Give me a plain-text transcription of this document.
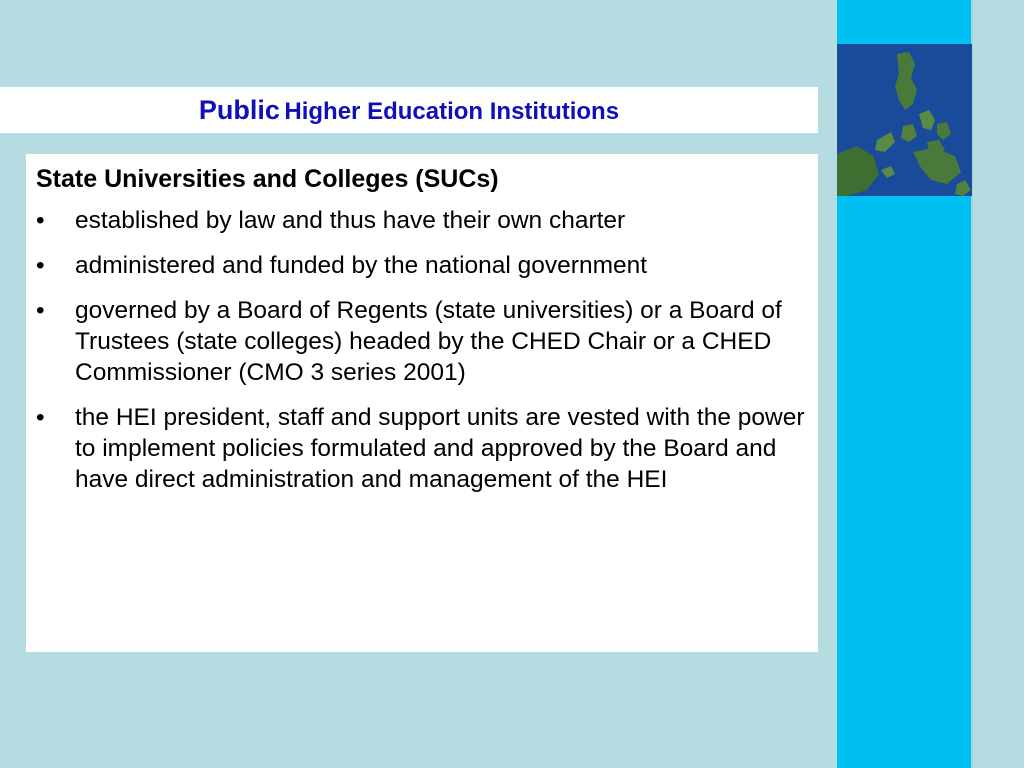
Public Higher Education Institutions
State Universities and Colleges (SUCs)
• established by law and thus have their own charter
• administered and funded by the national government
• governed by a Board of Regents (state universities) or a Board of Trustees (state colleges) headed by the CHED Chair or a CHED Commissioner (CMO 3 series 2001)
• the HEI president, staff and support units are vested with the power to implement policies formulated and approved by the Board and have direct administration and management of the HEI
